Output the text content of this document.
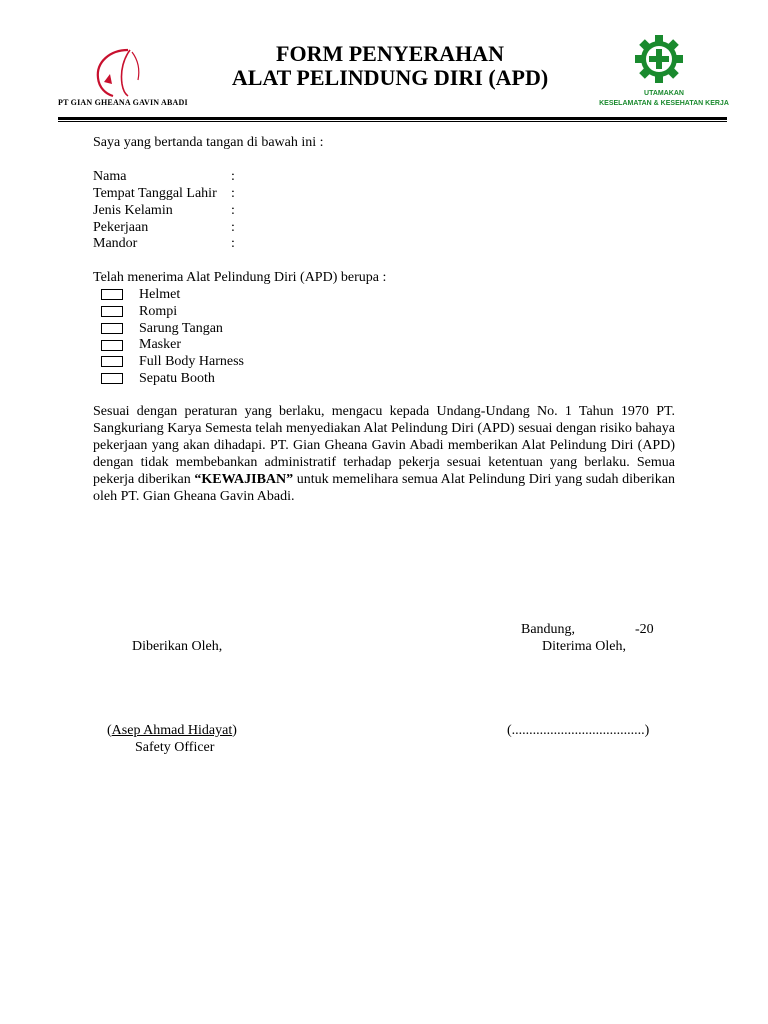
PT GIAN GHEANA GAVIN ABADI
FORM PENYERAHAN
ALAT PELINDUNG DIRI (APD)
UTAMAKAN
KESELAMATAN & KESEHATAN KERJA
Saya yang bertanda tangan di bawah ini :
Nama	:
Tempat Tanggal Lahir :
Jenis Kelamin	:
Pekerjaan	:
Mandor	:
Telah menerima Alat Pelindung Diri (APD) berupa :
Helmet
Rompi
Sarung Tangan
Masker
Full Body Harness
Sepatu Booth
Sesuai dengan peraturan yang berlaku, mengacu kepada Undang-Undang No. 1 Tahun 1970 PT. Sangkuriang Karya Semesta telah menyediakan Alat Pelindung Diri (APD) sesuai dengan risiko bahaya pekerjaan yang akan dihadapi. PT. Gian Gheana Gavin Abadi memberikan Alat Pelindung Diri (APD) dengan tidak membebankan administratif terhadap pekerja sesuai ketentuan yang berlaku. Semua pekerja diberikan “KEWAJIBAN” untuk memelihara semua Alat Pelindung Diri yang sudah diberikan oleh PT. Gian Gheana Gavin Abadi.
Bandung,	-20
Diberikan Oleh,	Diterima Oleh,
(Asep Ahmad Hidayat)
Safety Officer
(......................................)
